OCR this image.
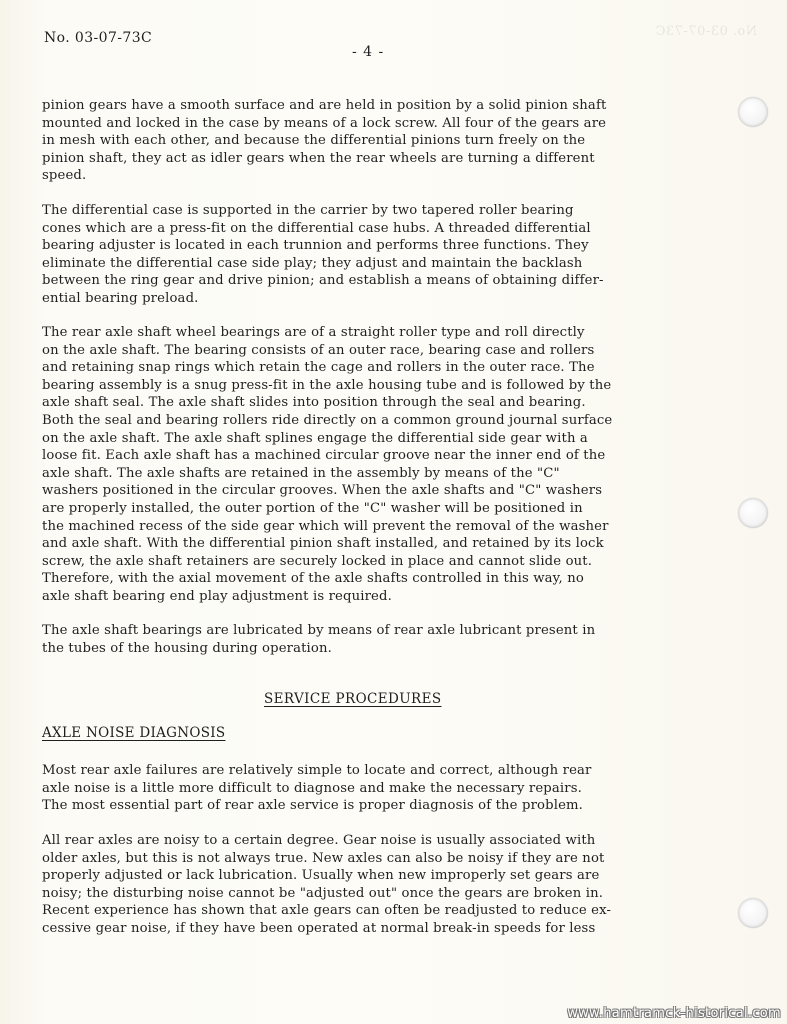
No. 03-07-73C
No. 03-07-73C
- 4 -

pinion gears have a smooth surface and are held in position by a solid pinion shaft
mounted and locked in the case by means of a lock screw. All four of the gears are
in mesh with each other, and because the differential pinions turn freely on the
pinion shaft, they act as idler gears when the rear wheels are turning a different
speed.

The differential case is supported in the carrier by two tapered roller bearing
cones which are a press-fit on the differential case hubs. A threaded differential
bearing adjuster is located in each trunnion and performs three functions. They
eliminate the differential case side play; they adjust and maintain the backlash
between the ring gear and drive pinion; and establish a means of obtaining differ-
ential bearing preload.

The rear axle shaft wheel bearings are of a straight roller type and roll directly
on the axle shaft. The bearing consists of an outer race, bearing case and rollers
and retaining snap rings which retain the cage and rollers in the outer race. The
bearing assembly is a snug press-fit in the axle housing tube and is followed by the
axle shaft seal. The axle shaft slides into position through the seal and bearing.
Both the seal and bearing rollers ride directly on a common ground journal surface
on the axle shaft. The axle shaft splines engage the differential side gear with a
loose fit. Each axle shaft has a machined circular groove near the inner end of the
axle shaft. The axle shafts are retained in the assembly by means of the "C"
washers positioned in the circular grooves. When the axle shafts and "C" washers
are properly installed, the outer portion of the "C" washer will be positioned in
the machined recess of the side gear which will prevent the removal of the washer
and axle shaft. With the differential pinion shaft installed, and retained by its lock
screw, the axle shaft retainers are securely locked in place and cannot slide out.
Therefore, with the axial movement of the axle shafts controlled in this way, no
axle shaft bearing end play adjustment is required.

The axle shaft bearings are lubricated by means of rear axle lubricant present in
the tubes of the housing during operation.

SERVICE PROCEDURES
AXLE NOISE DIAGNOSIS

Most rear axle failures are relatively simple to locate and correct, although rear
axle noise is a little more difficult to diagnose and make the necessary repairs.
The most essential part of rear axle service is proper diagnosis of the problem.

All rear axles are noisy to a certain degree. Gear noise is usually associated with
older axles, but this is not always true. New axles can also be noisy if they are not
properly adjusted or lack lubrication. Usually when new improperly set gears are
noisy; the disturbing noise cannot be "adjusted out" once the gears are broken in.
Recent experience has shown that axle gears can often be readjusted to reduce ex-
cessive gear noise, if they have been operated at normal break-in speeds for less

www.hamtramck-historical.com
